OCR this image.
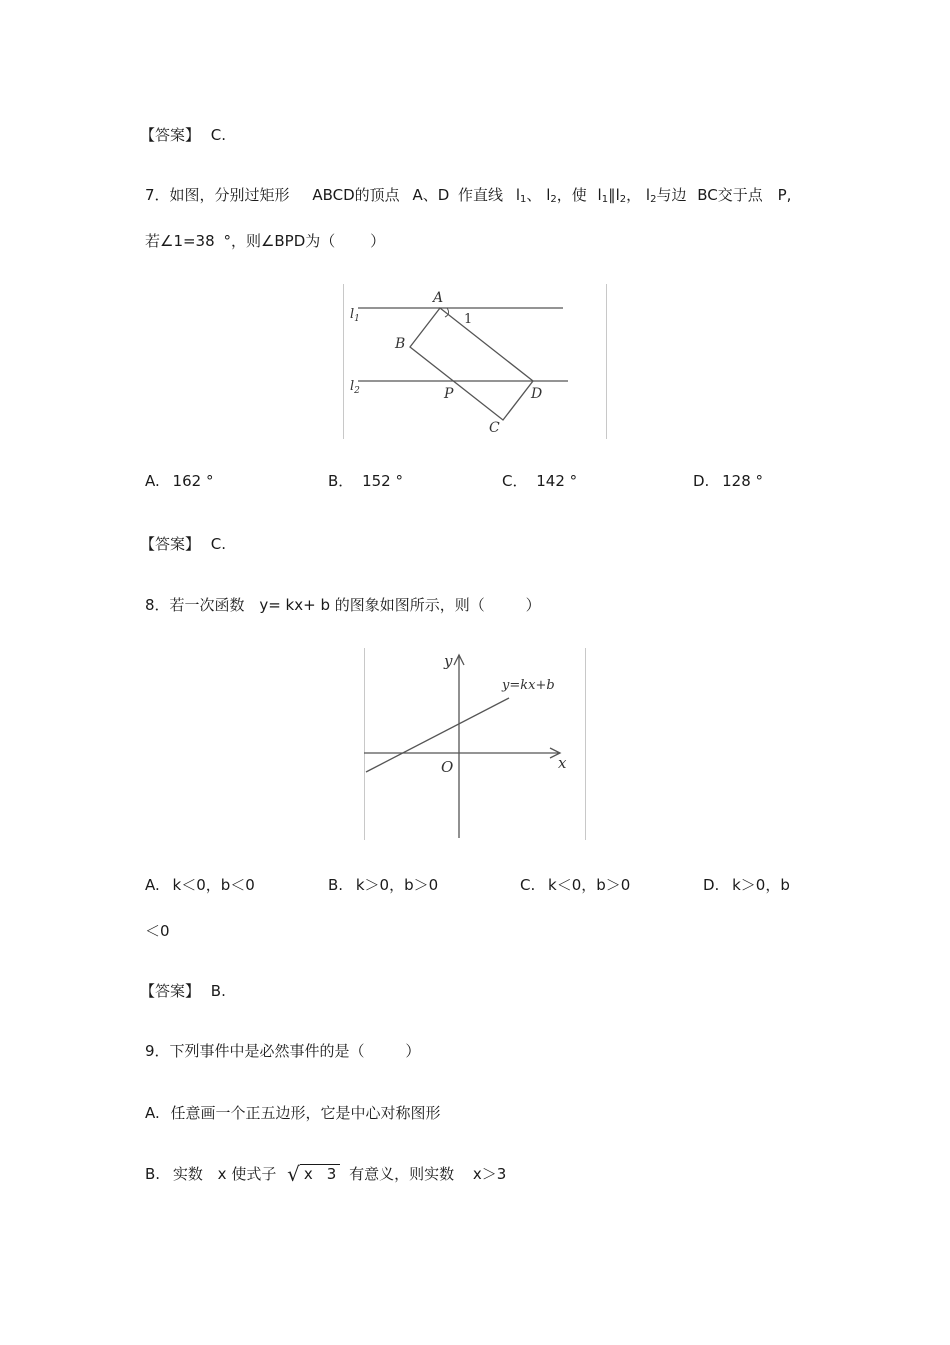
【答案】 C.
7．如图，分别过矩形 ABCD的顶点 A、D 作直线 $l_1$、 $l_2$，使 $l_1\parallel l_2$， $l_2$与边 BC交于点 P,
若∠1=38 °，则∠BPD为（ ）
A
B
C
D
P
1
$l_1$
$l_2$
A. 162 °	B． 152 °	C． 142 °	D. 128 °
【答案】 C.
8．若一次函数 y= kx+ b 的图象如图所示，则（	）
y
x
O
y=kx+b
A. k＜0，b＜0	B. k＞0，b＞0	C. k＜0，b＞0	D. k＞0，b
＜0
【答案】 B.
9．下列事件中是必然事件的是（	）
A. 任意画一个正五边形，它是中心对称图形
B. 实数 x 使式子 √ x 3 有意义，则实数 x＞3
